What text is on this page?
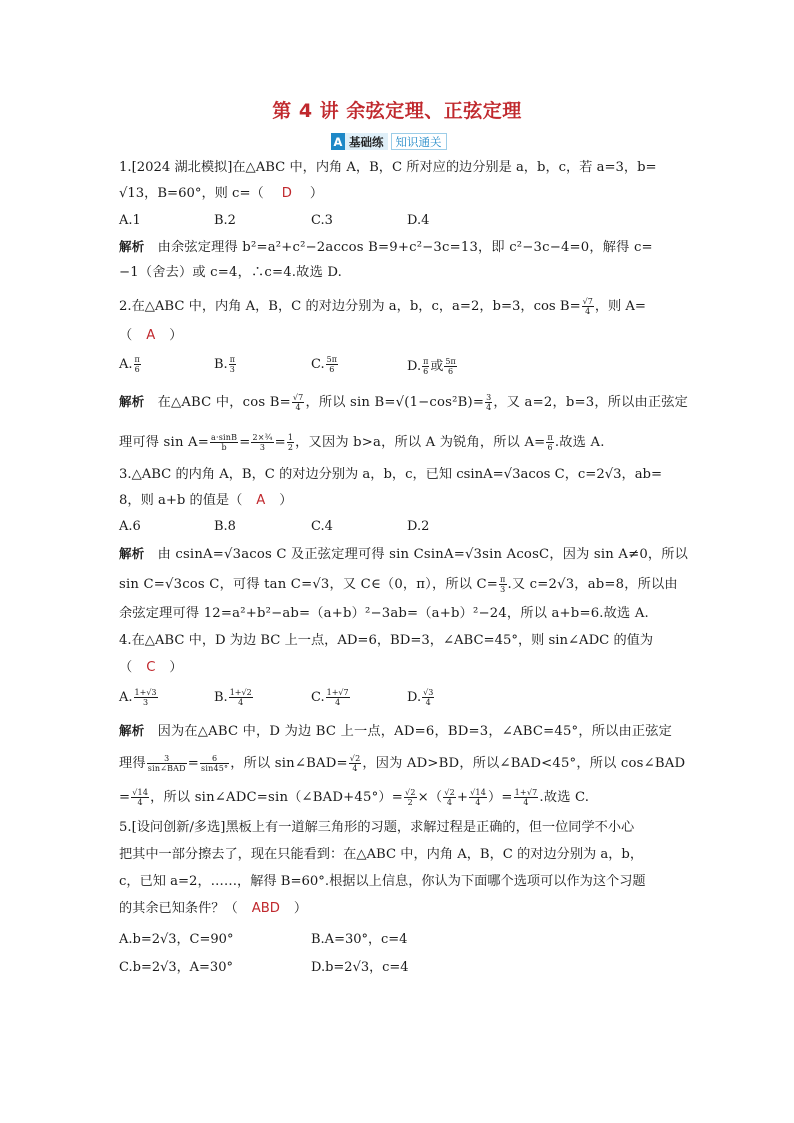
第 4 讲 余弦定理、正弦定理
A 基础练	知识通关
1.[2024 湖北模拟]在△ABC 中，内角 A，B，C 所对应的边分别是 a，b，c，若 a=3，b=
√13，B=60°，则 c=（ D ）
A.1	B.2	C.3	D.4
解析 由余弦定理得 b²=a²+c²−2accos B=9+c²−3c=13，即 c²−3c−4=0，解得 c=
−1（舍去）或 c=4，∴c=4.故选 D.
2.在△ABC 中，内角 A，B，C 的对边分别为 a，b，c，a=2，b=3，$\cos B= \frac{√7}{4}$ ，则 A=
（ A ）
A. $\frac{\pi}{6}$	B. $\frac{\pi}{3}$	C. $\frac{5\pi}{6}$	D. $\frac{\pi}{6}$ 或 $\frac{5\pi}{6}$
解析 在△ABC 中，$\cos B= \frac{√7}{4}$ ，所以 $\sin B=√(1-\cos^2B)= \frac{3}{4}$ ，又 a=2，b=3，所以由正弦定
理可得 $\sin A= \frac{a\cdot\sin B}{b} = \frac{\text{2×¾}}{3} = \frac{1}{2}$ ，又因为 b>a，所以 A 为锐角，所以 $A= \frac{\pi}{6}$ .故选 A.
3.△ABC 的内角 A，B，C 的对边分别为 a，b，c，已知 csinA=√3acos C，c=2√3，ab=
8，则 a+b 的值是（ A ）
A.6	B.8	C.4	D.2
解析 由 csinA=√3acos C 及正弦定理可得 sin CsinA=√3sin AcosC，因为 sin A≠0，所以
sin C=√3cos C，可得 tan C=√3，又 C∈（0，π），所以 $C= \frac{\pi}{3}$ .又 c=2√3，ab=8，所以由
余弦定理可得 12=a²+b²−ab=（a+b）²−3ab=（a+b）²−24，所以 a+b=6.故选 A.
4.在△ABC 中，D 为边 BC 上一点，AD=6，BD=3，∠ABC=45°，则 sin∠ADC 的值为
（ C ）
A. $\frac{1+√3}{3}$	B. $\frac{1+√2}{4}$	C. $\frac{1+√7}{4}$	D. $\frac{√3}{4}$
解析 因为在△ABC 中，D 为边 BC 上一点，AD=6，BD=3，∠ABC=45°，所以由正弦定
理得 $\frac{3}{\text{sin∠BAD}} = \frac{6}{\sin 45^\circ}$ ，所以 sin∠BAD= $\frac{√2}{4}$ ，因为 AD>BD，所以∠BAD<45°，所以 cos∠BAD
= $\frac{√14}{4}$ ，所以 sin∠ADC=sin（∠BAD+45°）= $\frac{√2}{2}$ ×（ $\frac{√2}{4} + \frac{√14}{4}$ ）= $\frac{1+√7}{4}$ .故选 C.
5.[设问创新/多选]黑板上有一道解三角形的习题，求解过程是正确的，但一位同学不小心
把其中一部分擦去了，现在只能看到：在△ABC 中，内角 A，B，C 的对边分别为 a，b，
c，已知 a=2，……，解得 B=60°.根据以上信息，你认为下面哪个选项可以作为这个习题
的其余已知条件？（ ABD ）
A.b=2√3，C=90°	B.A=30°，c=4
C.b=2√3，A=30°	D.b=2√3，c=4
